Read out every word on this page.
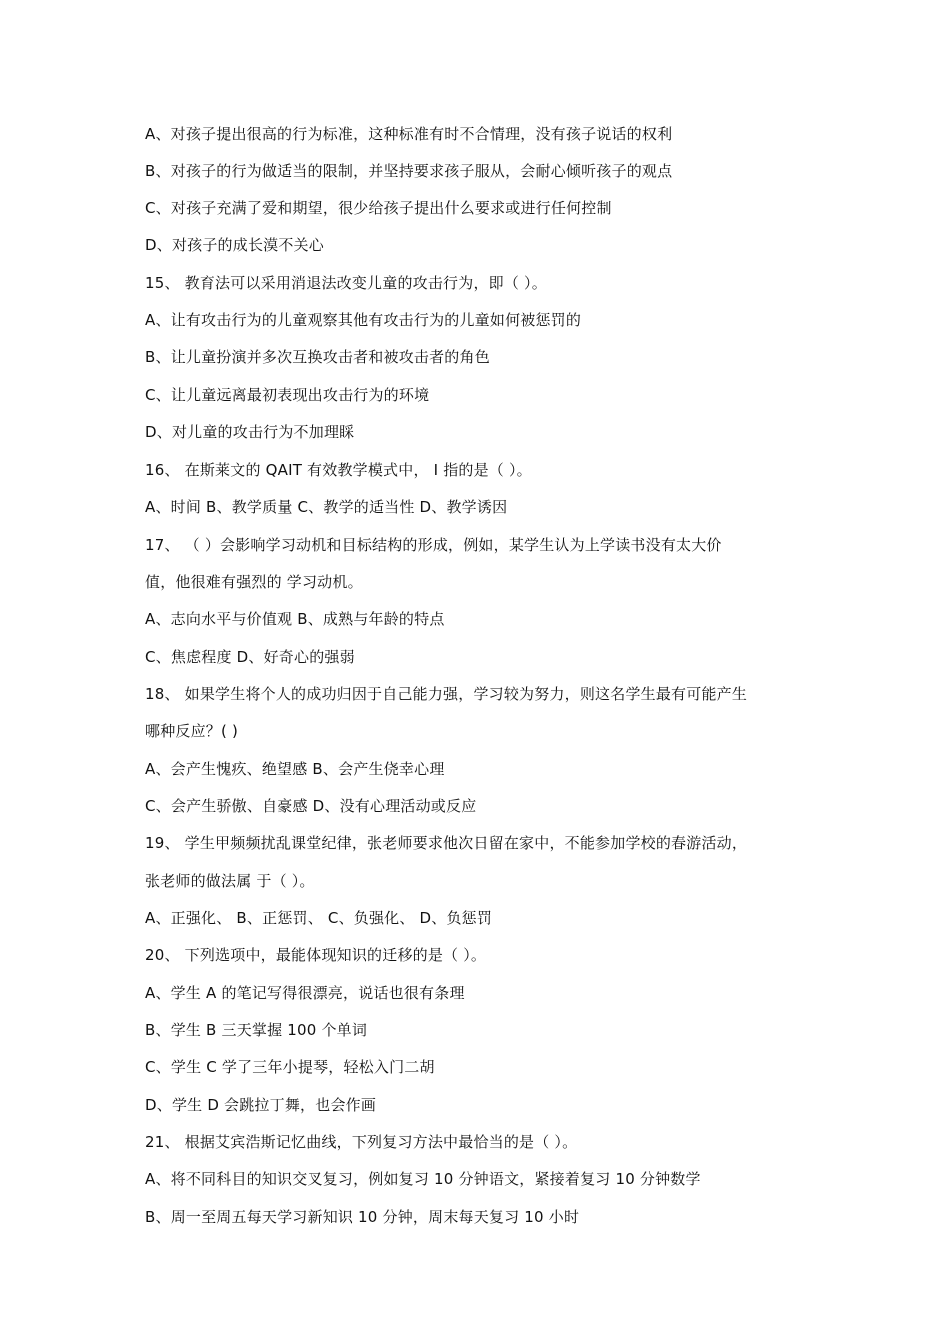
A、对孩子提出很高的行为标准，这种标准有时不合情理，没有孩子说话的权利
B、对孩子的行为做适当的限制，并坚持要求孩子服从，会耐心倾听孩子的观点
C、对孩子充满了爱和期望，很少给孩子提出什么要求或进行任何控制
D、对孩子的成长漠不关心
15、 教育法可以采用消退法改变儿童的攻击行为，即（ ）。
A、让有攻击行为的儿童观察其他有攻击行为的儿童如何被惩罚的
B、让儿童扮演并多次互换攻击者和被攻击者的角色
C、让儿童远离最初表现出攻击行为的环境
D、对儿童的攻击行为不加理睬
16、 在斯莱文的 QAIT 有效教学模式中， I 指的是（ ）。
A、时间 B、教学质量 C、教学的适当性 D、教学诱因
17、 （ ）会影响学习动机和目标结构的形成，例如，某学生认为上学读书没有太大价
值，他很难有强烈的 学习动机。
A、志向水平与价值观 B、成熟与年龄的特点
C、焦虑程度 D、好奇心的强弱
18、 如果学生将个人的成功归因于自己能力强，学习较为努力，则这名学生最有可能产生
哪种反应？( )
A、会产生愧疚、绝望感 B、会产生侥幸心理
C、会产生骄傲、自豪感 D、没有心理活动或反应
19、 学生甲频频扰乱课堂纪律，张老师要求他次日留在家中，不能参加学校的春游活动，
张老师的做法属 于（ ）。
A、正强化、 B、正惩罚、 C、负强化、 D、负惩罚
20、 下列选项中，最能体现知识的迁移的是（ ）。
A、学生 A 的笔记写得很漂亮，说话也很有条理
B、学生 B 三天掌握 100 个单词
C、学生 C 学了三年小提琴，轻松入门二胡
D、学生 D 会跳拉丁舞，也会作画
21、 根据艾宾浩斯记忆曲线，下列复习方法中最恰当的是（ ）。
A、将不同科目的知识交叉复习，例如复习 10 分钟语文，紧接着复习 10 分钟数学
B、周一至周五每天学习新知识 10 分钟，周末每天复习 10 小时
